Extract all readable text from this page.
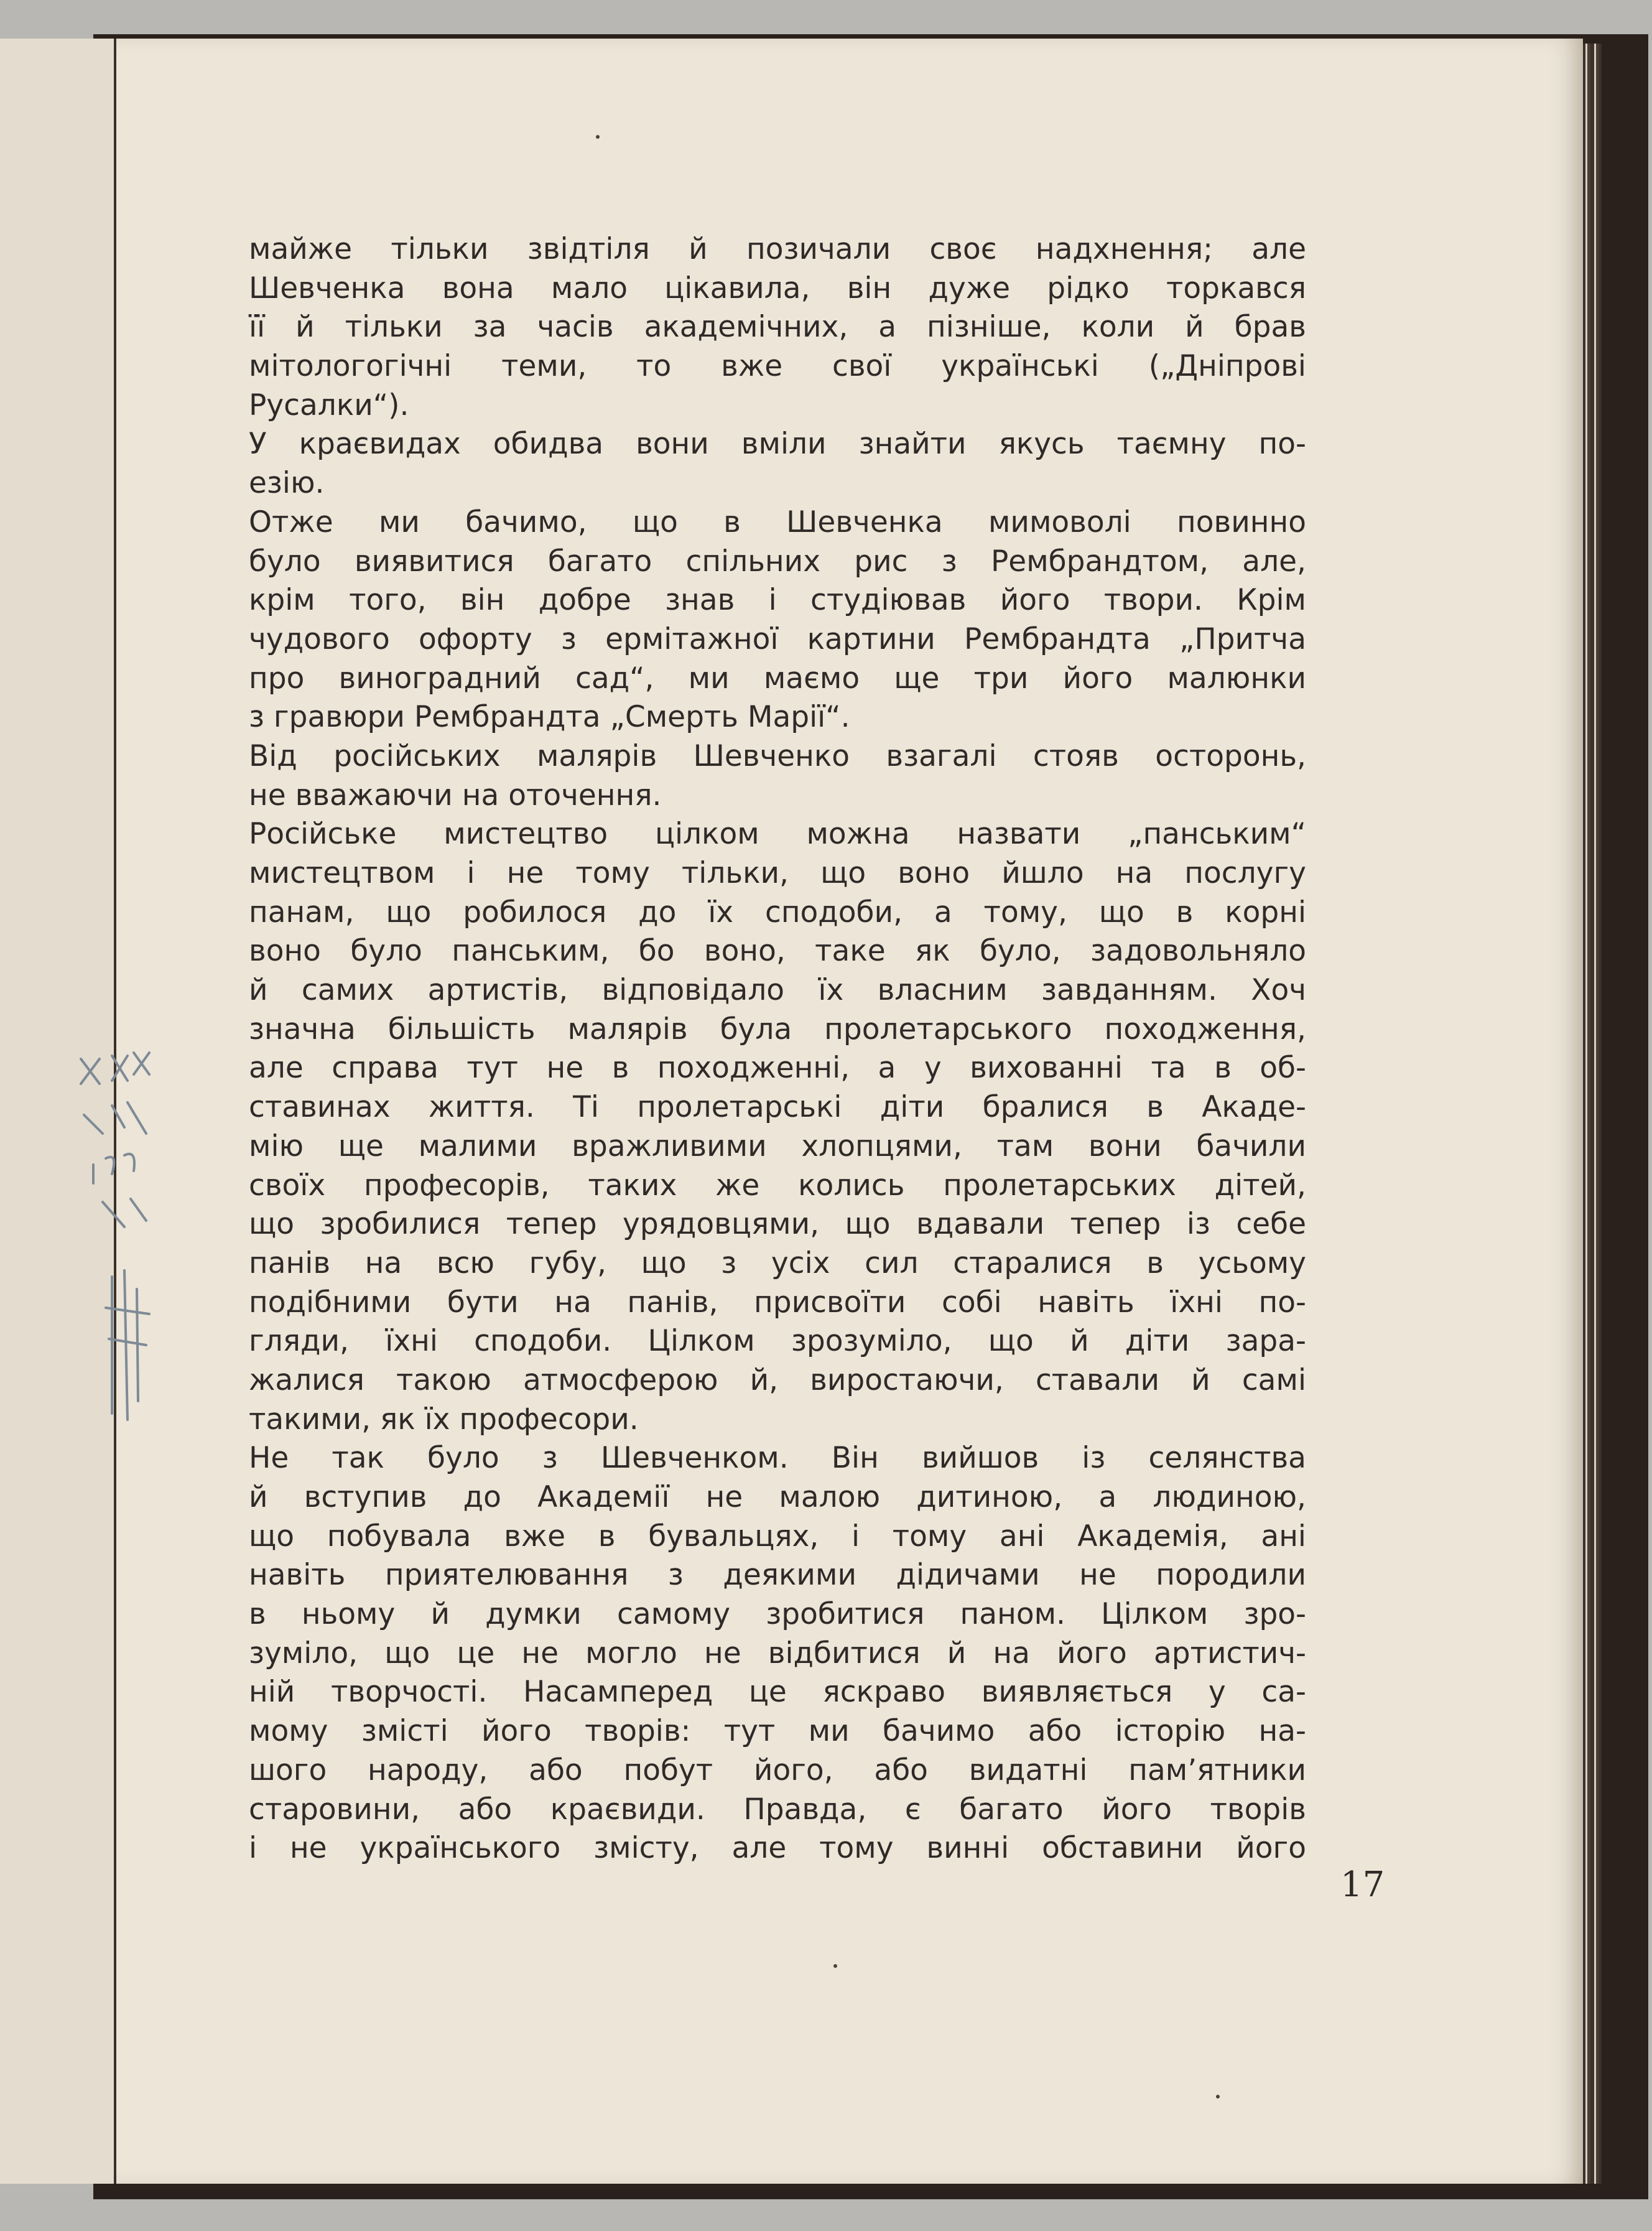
майже тільки звідтіля й позичали своє надхнення; але
Шевченка вона мало цікавила, він дуже рідко торкався
її й тільки за часів академічних, а пізніше, коли й брав
мітологогічні теми, то вже свої українські („Дніпрові
Русалки“).
У краєвидах обидва вони вміли знайти якусь таємну по-
езію.
Отже ми бачимо, що в Шевченка мимоволі повинно
було виявитися багато спільних рис з Рембрандтом, але,
крім того, він добре знав і студіював його твори. Крім
чудового офорту з ермітажної картини Рембрандта „Притча
про виноградний сад“, ми маємо ще три його малюнки
з гравюри Рембрандта „Смерть Марії“.
Від російських малярів Шевченко взагалі стояв осторонь,
не вважаючи на оточення.
Російське мистецтво цілком можна назвати „панським“
мистецтвом і не тому тільки, що воно йшло на послугу
панам, що робилося до їх сподоби, а тому, що в корні
воно було панським, бо воно, таке як було, задовольняло
й самих артистів, відповідало їх власним завданням. Хоч
значна більшість малярів була пролетарського походження,
але справа тут не в походженні, а у вихованні та в об-
ставинах життя. Ті пролетарські діти бралися в Акаде-
мію ще малими вражливими хлопцями, там вони бачили
своїх професорів, таких же колись пролетарських дітей,
що зробилися тепер урядовцями, що вдавали тепер із себе
панів на всю губу, що з усіх сил старалися в усьому
подібними бути на панів, присвоїти собі навіть їхні по-
гляди, їхні сподоби. Цілком зрозуміло, що й діти зара-
жалися такою атмосферою й, виростаючи, ставали й самі
такими, як їх професори.
Не так було з Шевченком. Він вийшов із селянства
й вступив до Академії не малою дитиною, а людиною,
що побувала вже в бувальцях, і тому ані Академія, ані
навіть приятелювання з деякими дідичами не породили
в ньому й думки самому зробитися паном. Цілком зро-
зуміло, що це не могло не відбитися й на його артистич-
ній творчості. Насамперед це яскраво виявляється у са-
мому змісті його творів: тут ми бачимо або історію на-
шого народу, або побут його, або видатні пам’ятники
старовини, або краєвиди. Правда, є багато його творів
і не українського змісту, але тому винні обставини його
17
